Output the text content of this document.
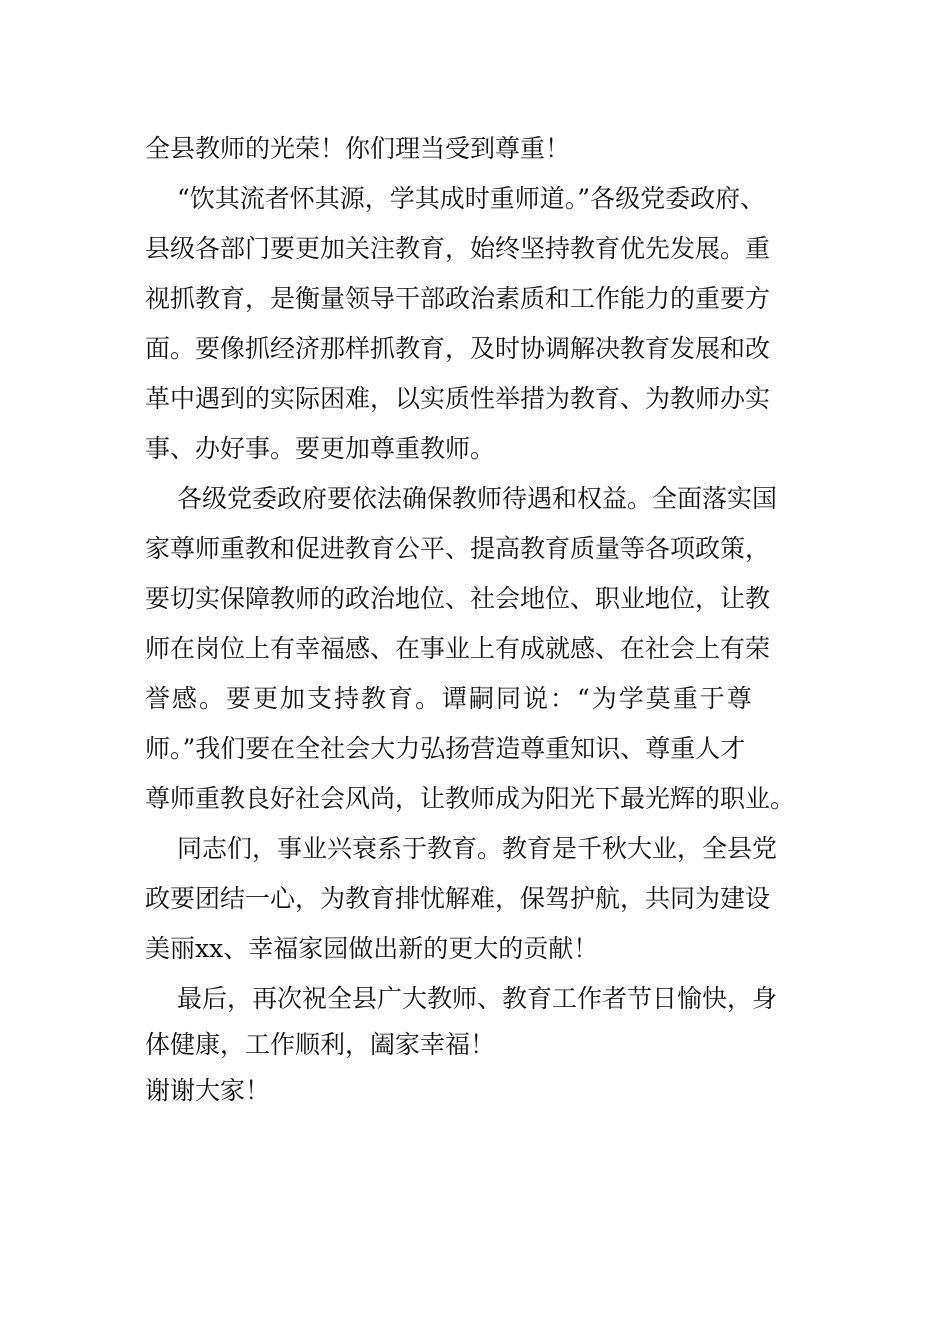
全县教师的光荣！你们理当受到尊重！
“饮其流者怀其源，学其成时重师道。”各级党委政府、
县级各部门要更加关注教育，始终坚持教育优先发展。重
视抓教育，是衡量领导干部政治素质和工作能力的重要方
面。要像抓经济那样抓教育，及时协调解决教育发展和改
革中遇到的实际困难，以实质性举措为教育、为教师办实
事、办好事。要更加尊重教师。
各级党委政府要依法确保教师待遇和权益。全面落实国
家尊师重教和促进教育公平、提高教育质量等各项政策，
要切实保障教师的政治地位、社会地位、职业地位，让教
师在岗位上有幸福感、在事业上有成就感、在社会上有荣
誉感。要更加支持教育。谭嗣同说：“为学莫重于尊
师。”我们要在全社会大力弘扬营造尊重知识、尊重人才
尊师重教良好社会风尚，让教师成为阳光下最光辉的职业。
同志们，事业兴衰系于教育。教育是千秋大业，全县党
政要团结一心，为教育排忧解难，保驾护航，共同为建设
美丽xx、幸福家园做出新的更大的贡献！
最后，再次祝全县广大教师、教育工作者节日愉快，身
体健康，工作顺利，阖家幸福！
谢谢大家！
